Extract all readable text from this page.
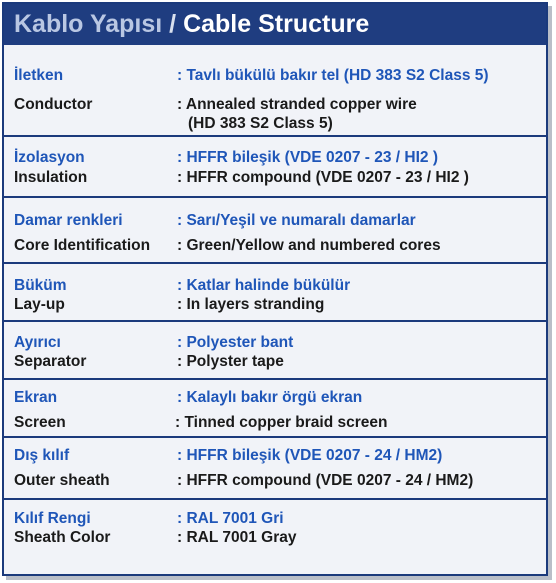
Kablo Yapısı / Cable Structure
İletken	: Tavlı bükülü bakır tel (HD 383 S2 Class 5)
Conductor	: Annealed stranded copper wire
(HD 383 S2 Class 5)
İzolasyon	: HFFR bileşik (VDE 0207 - 23 / HI2 )
Insulation	: HFFR compound (VDE 0207 - 23 / HI2 )
Damar renkleri	: Sarı/Yeşil ve numaralı damarlar
Core Identification : Green/Yellow and numbered cores
Büküm	: Katlar halinde bükülür
Lay-up	: In layers stranding
Ayırıcı	: Polyester bant
Separator	: Polyster tape
Ekran	: Kalaylı bakır örgü ekran
Screen	: Tinned copper braid screen
Dış kılıf	: HFFR bileşik (VDE 0207 - 24 / HM2)
Outer sheath	: HFFR compound (VDE 0207 - 24 / HM2)
Kılıf Rengi	: RAL 7001 Gri
Sheath Color	: RAL 7001 Gray
